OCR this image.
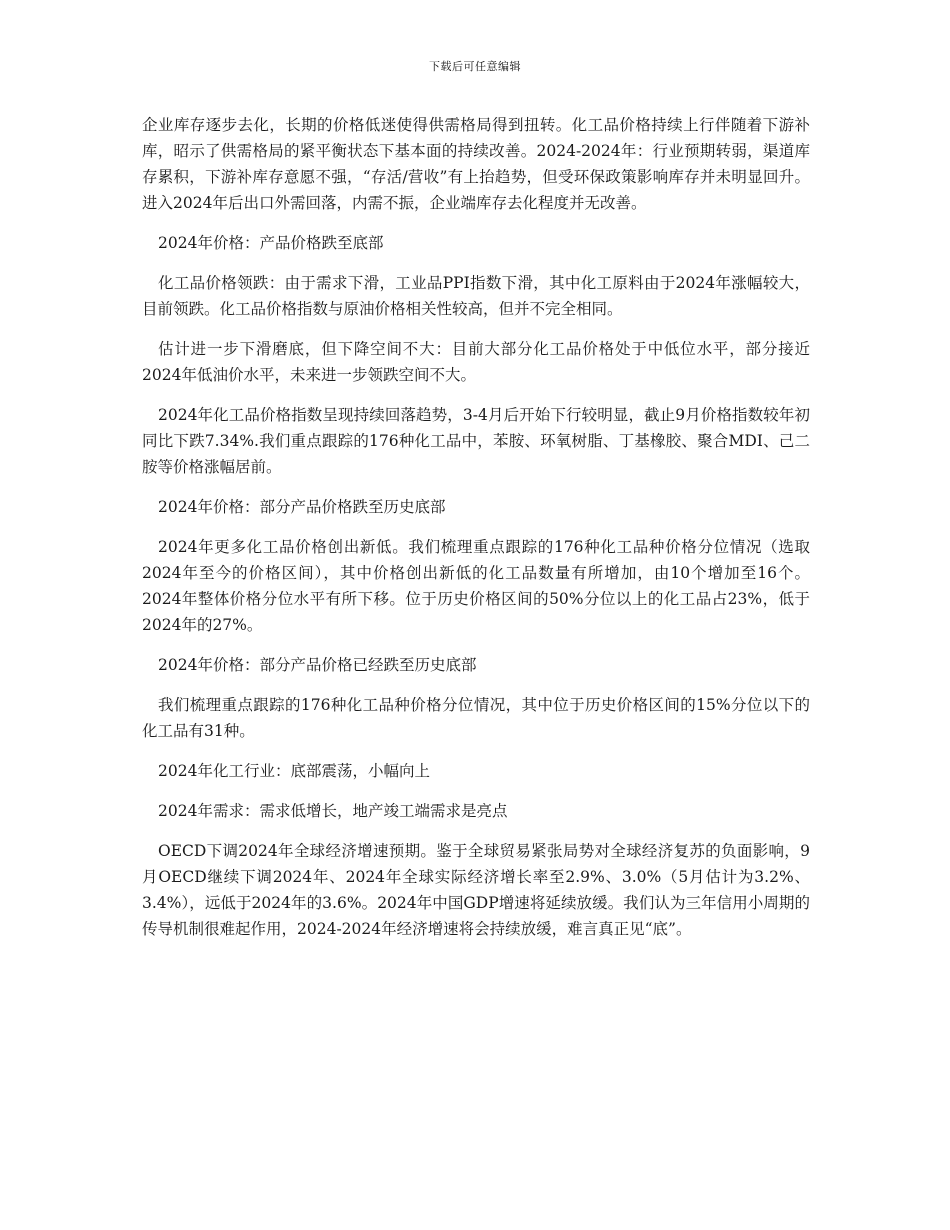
下载后可任意编辑

企业库存逐步去化，长期的价格低迷使得供需格局得到扭转。化工品价格持续上行伴随着下游补库，昭示了供需格局的紧平衡状态下基本面的持续改善。2024-2024年：行业预期转弱，渠道库存累积，下游补库存意愿不强，“存活/营收”有上抬趋势，但受环保政策影响库存并未明显回升。进入2024年后出口外需回落，内需不振，企业端库存去化程度并无改善。

2024年价格：产品价格跌至底部

化工品价格领跌：由于需求下滑，工业品PPI指数下滑，其中化工原料由于2024年涨幅较大，目前领跌。化工品价格指数与原油价格相关性较高，但并不完全相同。

估计进一步下滑磨底，但下降空间不大：目前大部分化工品价格处于中低位水平，部分接近2024年低油价水平，未来进一步领跌空间不大。

2024年化工品价格指数呈现持续回落趋势，3-4月后开始下行较明显，截止9月价格指数较年初同比下跌7.34%.我们重点跟踪的176种化工品中，苯胺、环氧树脂、丁基橡胶、聚合MDI、己二胺等价格涨幅居前。

2024年价格：部分产品价格跌至历史底部

2024年更多化工品价格创出新低。我们梳理重点跟踪的176种化工品种价格分位情况（选取2024年至今的价格区间），其中价格创出新低的化工品数量有所增加，由10个增加至16个。2024年整体价格分位水平有所下移。位于历史价格区间的50%分位以上的化工品占23%，低于2024年的27%。

2024年价格：部分产品价格已经跌至历史底部

我们梳理重点跟踪的176种化工品种价格分位情况，其中位于历史价格区间的15%分位以下的化工品有31种。

2024年化工行业：底部震荡，小幅向上

2024年需求：需求低增长，地产竣工端需求是亮点

OECD下调2024年全球经济增速预期。鉴于全球贸易紧张局势对全球经济复苏的负面影响，9月OECD继续下调2024年、2024年全球实际经济增长率至2.9%、3.0%（5月估计为3.2%、3.4%），远低于2024年的3.6%。2024年中国GDP增速将延续放缓。我们认为三年信用小周期的传导机制很难起作用，2024-2024年经济增速将会持续放缓，难言真正见“底”。
